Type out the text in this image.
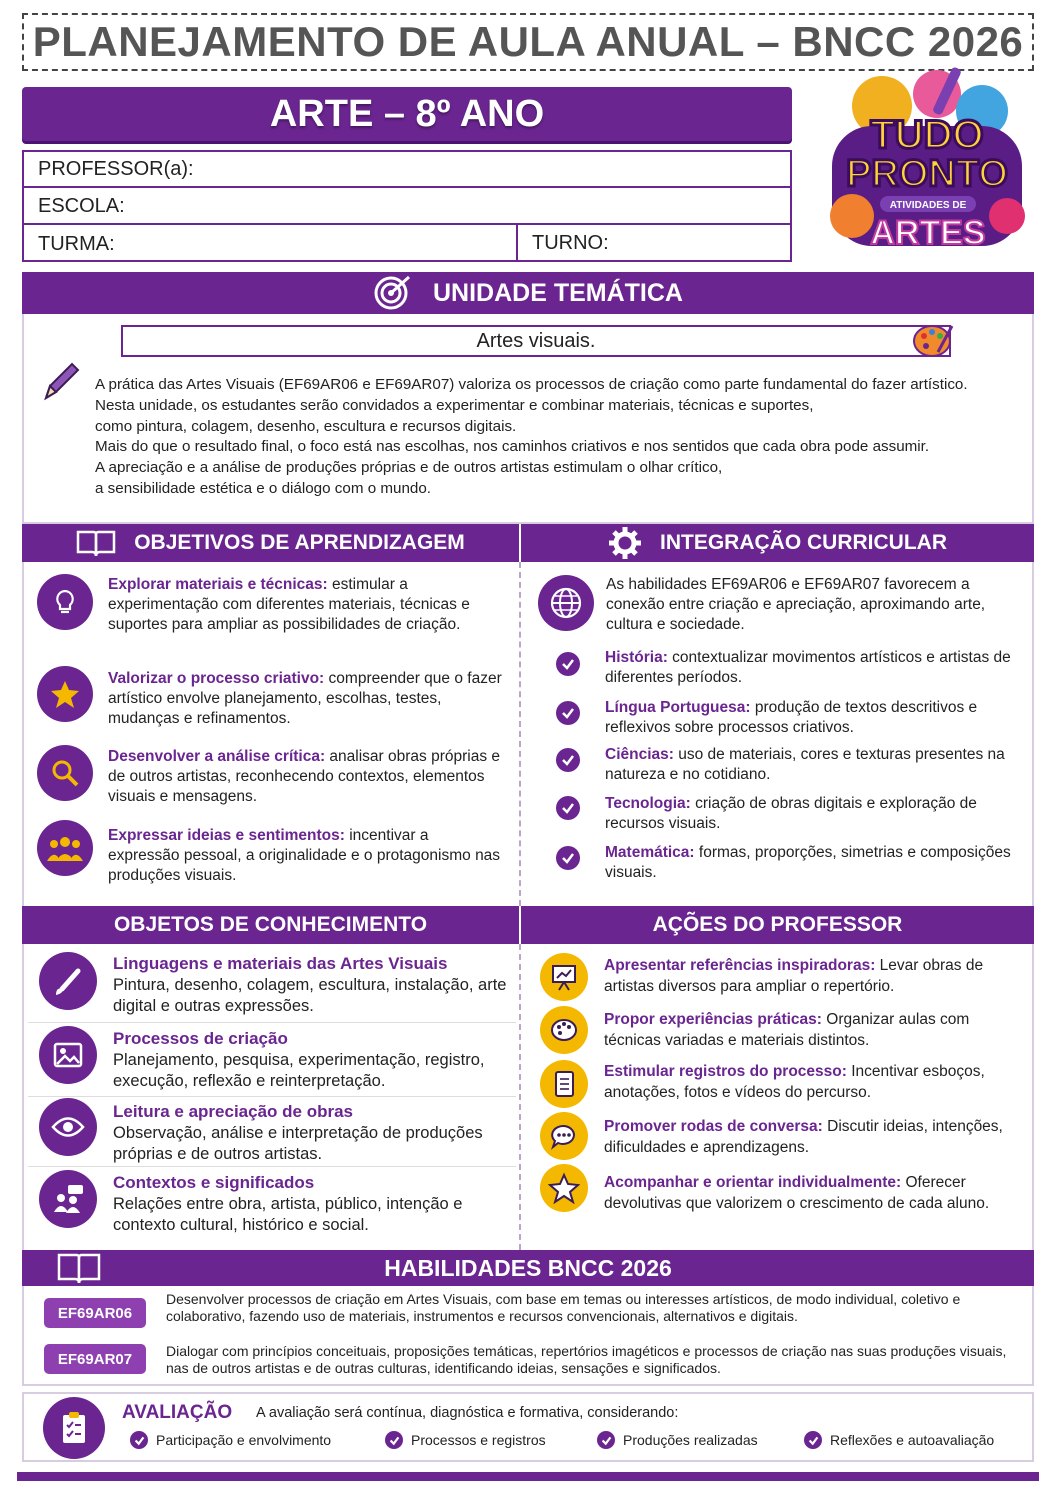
PLANEJAMENTO DE AULA ANUAL – BNCC 2026
ARTE – 8º ANO
PROFESSOR(a):
ESCOLA:
TURMA:	TURNO:
TUDO
PRONTO
ATIVIDADES DE
ARTES
UNIDADE TEMÁTICA
Artes visuais.
A prática das Artes Visuais (EF69AR06 e EF69AR07) valoriza os processos de criação como parte fundamental do fazer artístico.
Nesta unidade, os estudantes serão convidados a experimentar e combinar materiais, técnicas e suportes,
como pintura, colagem, desenho, escultura e recursos digitais.
Mais do que o resultado final, o foco está nas escolhas, nos caminhos criativos e nos sentidos que cada obra pode assumir.
A apreciação e a análise de produções próprias e de outros artistas estimulam o olhar crítico,
a sensibilidade estética e o diálogo com o mundo.
OBJETIVOS DE APRENDIZAGEM	INTEGRAÇÃO CURRICULAR
Explorar materiais e técnicas: estimular a experimentação com diferentes materiais, técnicas e suportes para ampliar as possibilidades de criação.
Valorizar o processo criativo: compreender que o fazer artístico envolve planejamento, escolhas, testes, mudanças e refinamentos.
Desenvolver a análise crítica: analisar obras próprias e de outros artistas, reconhecendo contextos, elementos visuais e mensagens.
Expressar ideias e sentimentos: incentivar a expressão pessoal, a originalidade e o protagonismo nas produções visuais.
As habilidades EF69AR06 e EF69AR07 favorecem a conexão entre criação e apreciação, aproximando arte, cultura e sociedade.
História: contextualizar movimentos artísticos e artistas de diferentes períodos.
Língua Portuguesa: produção de textos descritivos e reflexivos sobre processos criativos.
Ciências: uso de materiais, cores e texturas presentes na natureza e no cotidiano.
Tecnologia: criação de obras digitais e exploração de recursos visuais.
Matemática: formas, proporções, simetrias e composições visuais.
OBJETOS DE CONHECIMENTO	AÇÕES DO PROFESSOR
Linguagens e materiais das Artes Visuais
Pintura, desenho, colagem, escultura, instalação, arte digital e outras expressões.
Processos de criação
Planejamento, pesquisa, experimentação, registro, execução, reflexão e reinterpretação.
Leitura e apreciação de obras
Observação, análise e interpretação de produções próprias e de outros artistas.
Contextos e significados
Relações entre obra, artista, público, intenção e contexto cultural, histórico e social.
Apresentar referências inspiradoras: Levar obras de artistas diversos para ampliar o repertório.
Propor experiências práticas: Organizar aulas com técnicas variadas e materiais distintos.
Estimular registros do processo: Incentivar esboços, anotações, fotos e vídeos do percurso.
Promover rodas de conversa: Discutir ideias, intenções, dificuldades e aprendizagens.
Acompanhar e orientar individualmente: Oferecer devolutivas que valorizem o crescimento de cada aluno.
HABILIDADES BNCC 2026
EF69AR06
Desenvolver processos de criação em Artes Visuais, com base em temas ou interesses artísticos, de modo individual, coletivo e colaborativo, fazendo uso de materiais, instrumentos e recursos convencionais, alternativos e digitais.
EF69AR07	Dialogar com princípios conceituais, proposições temáticas, repertórios imagéticos e processos de criação nas suas produções visuais, nas de outros artistas e de outras culturas, identificando ideias, sensações e significados.
AVALIAÇÃO A avaliação será contínua, diagnóstica e formativa, considerando:
Participação e envolvimento	Processos e registros	Produções realizadas	Reflexões e autoavaliação
